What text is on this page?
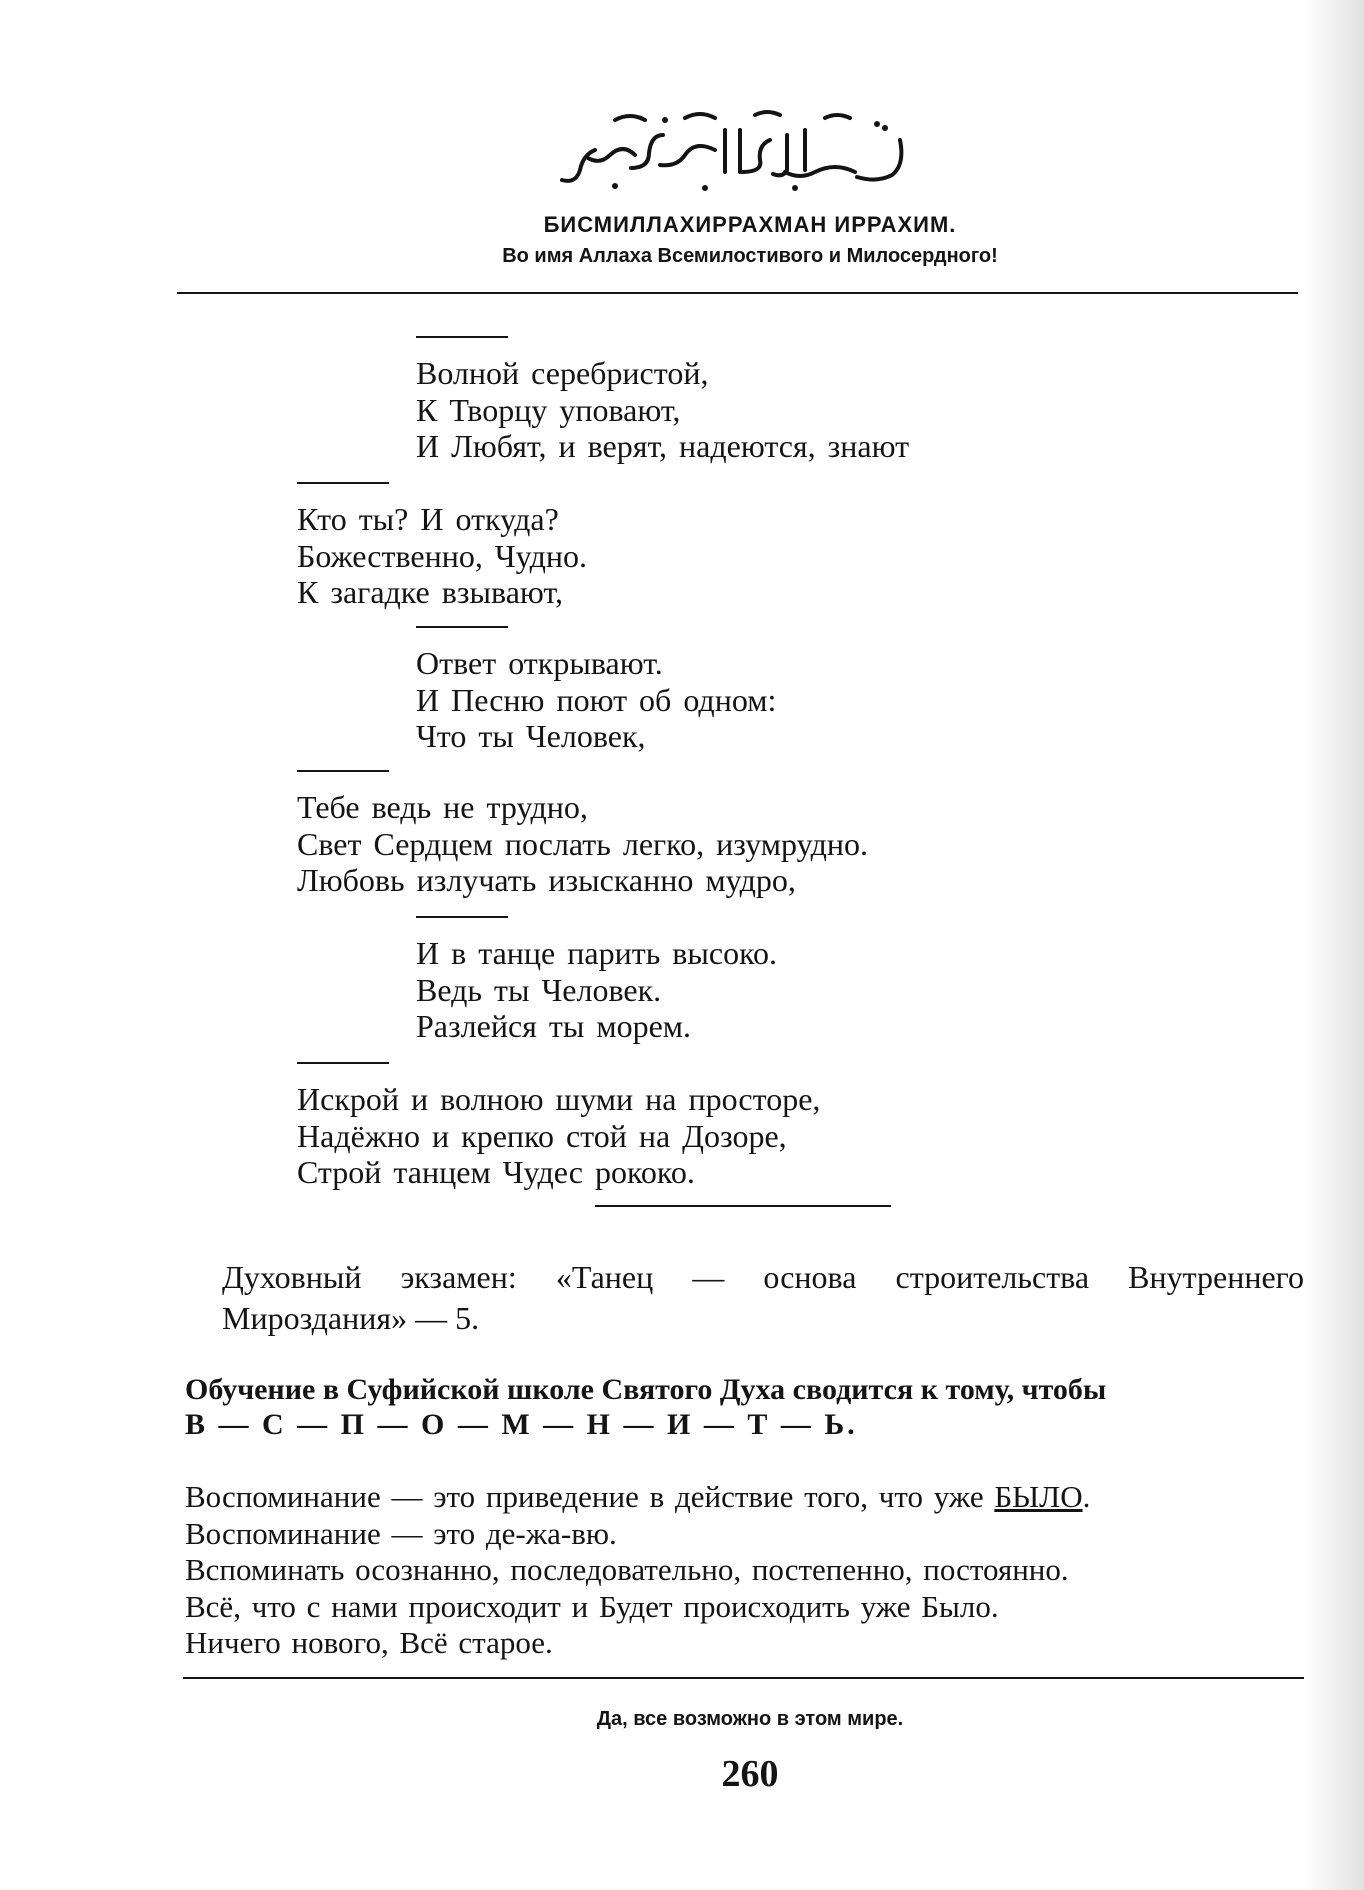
БИСМИЛЛАХИРРАХМАН ИРРАХИМ.

Во имя Аллаха Всемилостивого и Милосердного!

Волной серебристой,
К Творцу уповают,
И Любят, и верят, надеются, знают
Кто ты? И откуда?
Божественно, Чудно.
К загадке взывают,
Ответ открывают.
И Песню поют об одном:
Что ты Человек,
Тебе ведь не трудно,
Свет Сердцем послать легко, изумрудно.
Любовь излучать изысканно мудро,
И в танце парить высоко.
Ведь ты Человек.
Разлейся ты морем.
Искрой и волною шуми на просторе,
Надёжно и крепко стой на Дозоре,
Строй танцем Чудес рококо.

Духовный экзамен: «Танец — основа строительства Внутреннего Мироздания» — 5.

Обучение в Суфийской школе Святого Духа сводится к тому, чтобы

В — С — П — О — М — Н — И — Т — Ь.

Воспоминание — это приведение в действие того, что уже БЫЛО.
Воспоминание — это де-жа-вю.
Вспоминать осознанно, последовательно, постепенно, постоянно.
Всё, что с нами происходит и Будет происходить уже Было.
Ничего нового, Всё старое.

Да, все возможно в этом мире.

260
